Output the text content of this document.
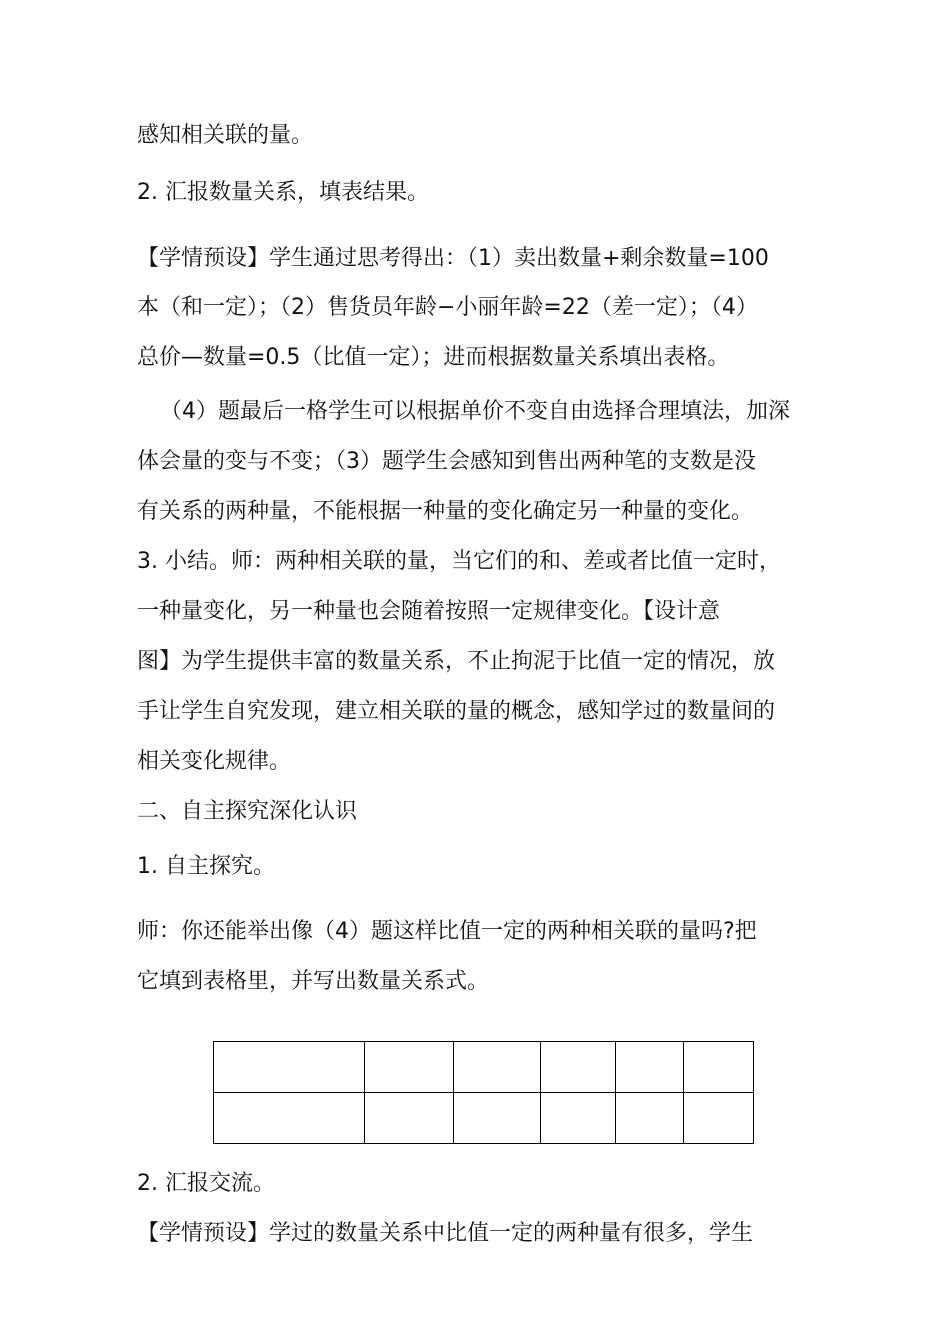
感知相关联的量。

2. 汇报数量关系，填表结果。

【学情预设】学生通过思考得出：（1）卖出数量+剩余数量=100

本（和一定）；（2）售货员年龄−小丽年龄=22（差一定）；（4）

总价—数量=0.5（比值一定）；进而根据数量关系填出表格。

（4）题最后一格学生可以根据单价不变自由选择合理填法，加深

体会量的变与不变；（3）题学生会感知到售出两种笔的支数是没

有关系的两种量，不能根据一种量的变化确定另一种量的变化。

3. 小结。师：两种相关联的量，当它们的和、差或者比值一定时，

一种量变化，另一种量也会随着按照一定规律变化。【设计意

图】为学生提供丰富的数量关系，不止拘泥于比值一定的情况，放

手让学生自究发现，建立相关联的量的概念，感知学过的数量间的

相关变化规律。

二、自主探究深化认识

1. 自主探究。

师：你还能举出像（4）题这样比值一定的两种相关联的量吗?把

它填到表格里，并写出数量关系式。

2. 汇报交流。

【学情预设】学过的数量关系中比值一定的两种量有很多，学生
